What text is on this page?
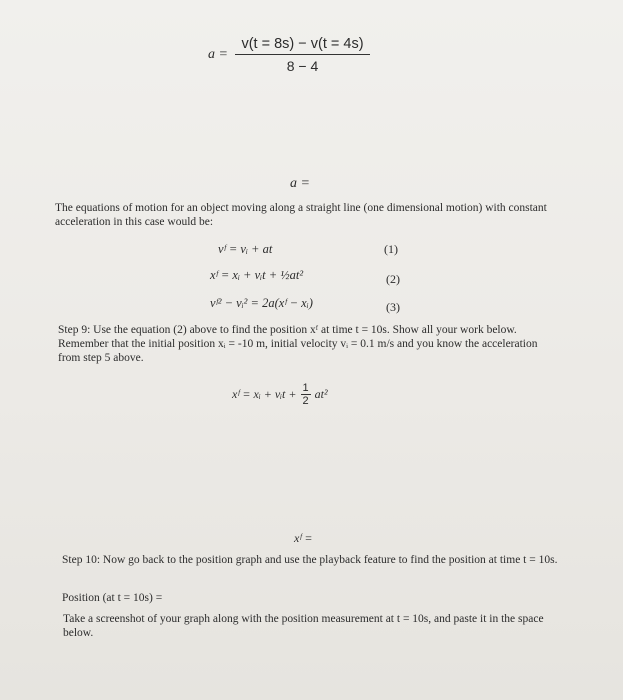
$a = \frac{v(t = 8s) - v(t = 4s)}{8 - 4}$
a =
The equations of motion for an object moving along a straight line (one dimensional motion) with constant acceleration in this case would be:
vᶠ = vᵢ + at	(1)
xᶠ = xᵢ + vᵢt + ½at²	(2)
vᶠ² − vᵢ² = 2a(xᶠ − xᵢ)	(3)
Step 9: Use the equation (2) above to find the position xᶠ at time t = 10s. Show all your work below. Remember that the initial position xᵢ = -10 m, initial velocity vᵢ = 0.1 m/s and you know the acceleration from step 5 above.
xᶠ = xᵢ + vᵢt + $\frac{1}{2} at^2$
xᶠ =
Step 10: Now go back to the position graph and use the playback feature to find the position at time t = 10s.
Position (at t = 10s) =
Take a screenshot of your graph along with the position measurement at t = 10s, and paste it in the space below.
